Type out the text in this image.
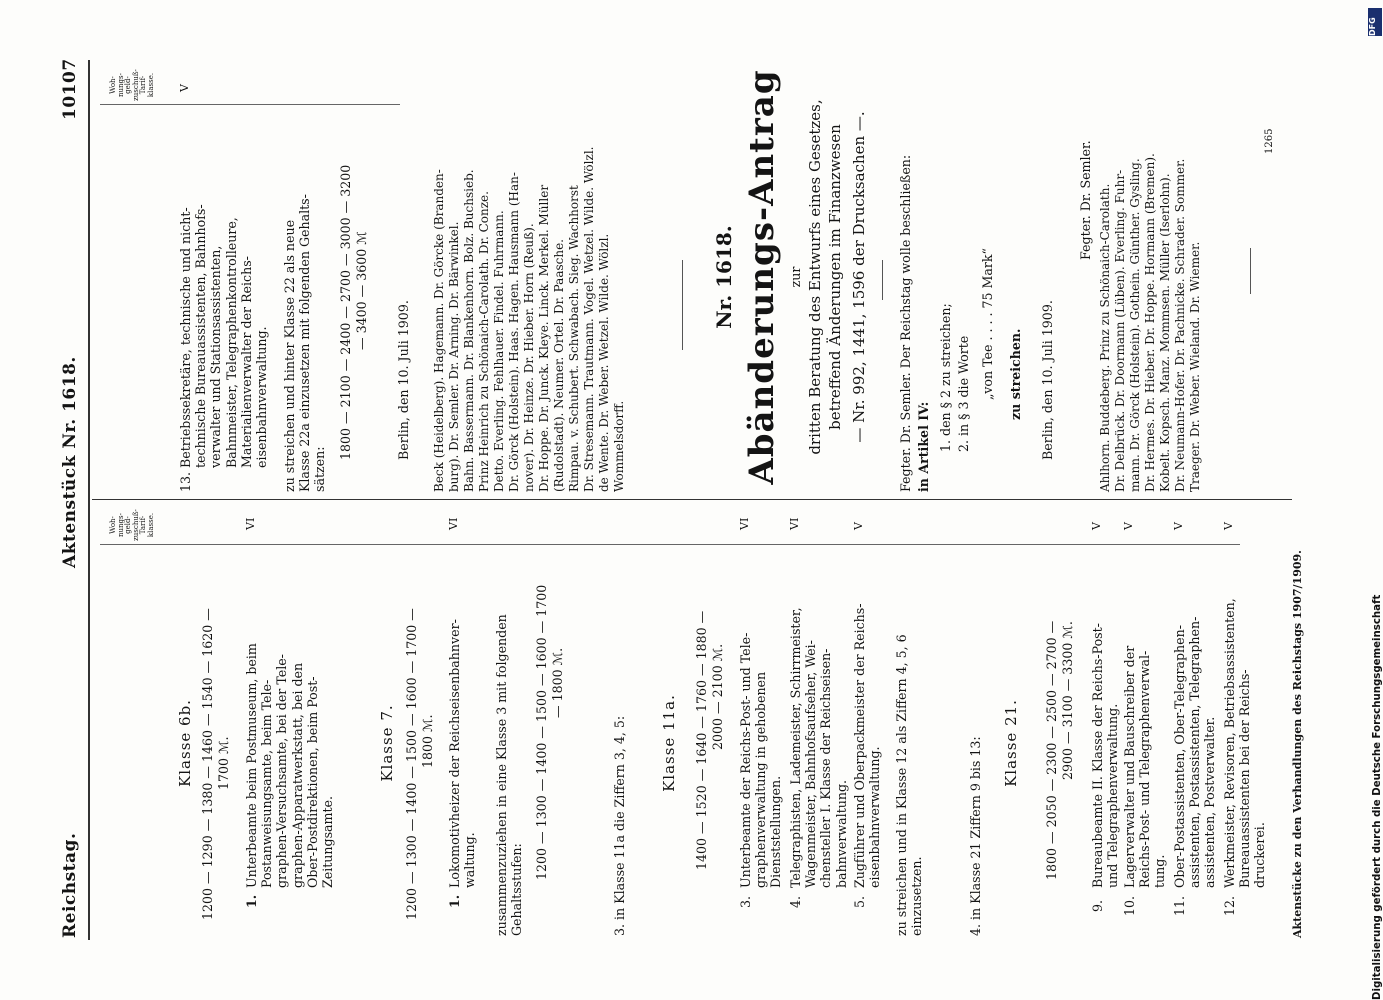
Reichstag.
Aktenstück Nr. 1618.
10107
Woh-
nungs-
geld-
zuschuß-
Tarif-
klasse.
Woh-
nungs-
geld-
zuschuß-
Tarif-
klasse.
Klasse 6b. 1200 — 1290 — 1380 — 1460 — 1540 — 1620 — 1700 ℳ.
1.
Unterbeamte beim Postmuseum, beim Postanweisungsamte, beim Tele- graphen-Versuchsamte, bei der Tele- graphen-Apparatwerkstatt, bei den Ober-Postdirektionen, beim Post- Zeitungsamte.
VI
Klasse 7. 1200 — 1300 — 1400 — 1500 — 1600 — 1700 — 1800 ℳ.
1.
Lokomotivheizer der Reichseisenbahnver- waltung.
VI
zusammenzuziehen in eine Klasse 3 mit folgenden Gehaltsstufen:
1200 — 1300 — 1400 — 1500 — 1600 — 1700 — 1800 ℳ.
3. in Klasse 11a die Ziffern 3, 4, 5: Klasse 11a. 1400 — 1520 — 1640 — 1760 — 1880 — 2000 — 2100 ℳ.
3.
Unterbeamte der Reichs-Post- und Tele- graphenverwaltung in gehobenen Dienststellungen.
VI
4.
Telegraphisten, Lademeister, Schirrmeister, Wagenmeister, Bahnhofsaufseher, Wei- chensteller I. Klasse der Reichseisen- bahnverwaltung.
VI
5.
Zugführer und Oberpackmeister der Reichs- eisenbahnverwaltung.
V
zu streichen und in Klasse 12 als Ziffern 4, 5, 6 einzusetzen.	4. in Klasse 21 Ziffern 9 bis 13: Klasse 21. 1800 — 2050 — 2300 — 2500 — 2700 — 2900 — 3100 — 3300 ℳ.
9.
Bureaubeamte II. Klasse der Reichs-Post- und Telegraphenverwaltung.
V
10.
Lagerverwalter und Bauschreiber der Reichs-Post- und Telegraphenverwal- tung.
V
11.
Ober-Postassistenten, Ober-Telegraphen- assistenten, Postassistenten, Telegraphen- assistenten, Postverwalter.
V
12.
Werkmeister, Revisoren, Betriebsassistenten, Bureauassistenten bei der Reichs- druckerei.
V
Aktenstücke zu den Verhandlungen des Reichstags 1907/1909.
13.
Betriebssekretäre, technische und nicht- technische Bureauassistenten, Bahnhofs- verwalter und Stationsassistenten, Bahnmeister, Telegraphenkontrolleure, Materialienverwalter der Reichs- eisenbahnverwaltung.
V
zu streichen und hinter Klasse 22 als neue Klasse 22a einzusetzen mit folgenden Gehalts- sätzen:
1800 — 2100 — 2400 — 2700 — 3000 — 3200 — 3400 — 3600 ℳ
Berlin, den 10. Juli 1909. Beck (Heidelberg). Hagemann. Dr. Görcke (Branden- burg). Dr. Semler. Dr. Arning. Dr. Bärwinkel. Bahn. Bassermann. Dr. Blankenhorn. Bolz. Buchsieb. Prinz Heinrich zu Schönaich-Carolath. Dr. Conze. Detto. Everling. Fehlhauer. Findel. Fuhrmann. Dr. Görck (Holstein). Haas. Hagen. Hausmann (Han- nover). Dr. Heinze. Dr. Hieber. Horn (Reuß). Dr. Hoppe. Dr. Junck. Kleye. Linck. Merkel. Müller (Rudolstadt). Neumer. Ortel. Dr. Paasche. Rimpau. v. Schubert. Schwabach. Sieg. Wachhorst Dr. Stresemann. Trautmann. Vogel. Wetzel. Wilde. Wölzl. de Wente. Dr. Weber. Wetzel. Wilde. Wölzl. Wommelsdorff.
Nr. 1618. Abänderungs-Antrag zur dritten Beratung des Entwurfs eines Gesetzes, betreffend Änderungen im Finanzwesen — Nr. 992, 1441, 1596 der Drucksachen —. Fegter. Dr. Semler. Der Reichstag wolle beschließen: in Artikel IV: 1. den § 2 zu streichen; 2. in § 3 die Worte „von Tee . . . . 75 Mark“ zu streichen. Berlin, den 10. Juli 1909.
Fegter. Dr. Semler. Ahlhorn. Buddeberg. Prinz zu Schönaich-Carolath. Dr. Delbrück. Dr. Doormann (Lüben). Everling. Fuhr- mann. Dr. Görck (Holstein). Gothein. Günther. Gysling. Dr. Hermes. Dr. Hieber. Dr. Hoppe. Hormann (Bremen). Kobelt. Kopsch. Manz. Mommsen. Müller (Iserlohn). Dr. Neumann-Hofer. Dr. Pachnicke. Schrader. Sommer. Traeger. Dr. Weber. Wieland. Dr. Wiemer.
1265
DFG
Digitalisierung gefördert durch die Deutsche Forschungsgemeinschaft
